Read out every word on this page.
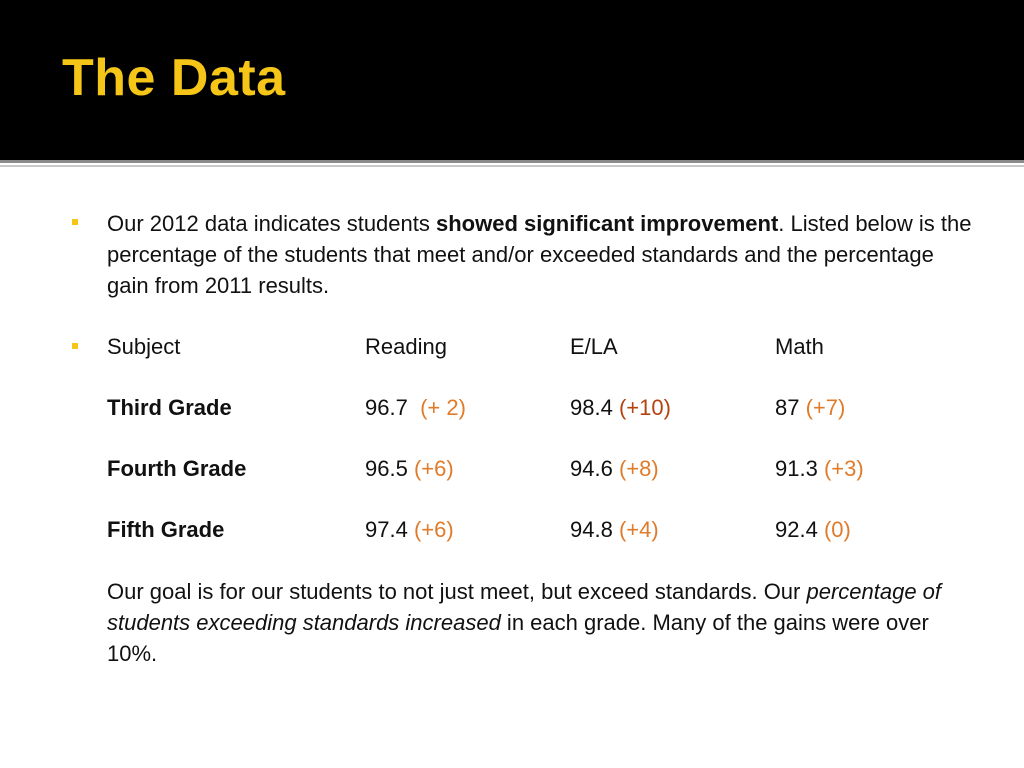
The Data
Our 2012 data indicates students showed significant improvement. Listed below is the percentage of the students that meet and/or exceeded standards and the percentage gain from 2011 results.
Subject	Reading	E/LA	Math
Third Grade	96.7 (+ 2)	98.4 (+10)	87 (+7)
Fourth Grade	96.5 (+6)	94.6 (+8)	91.3 (+3)
Fifth Grade	97.4 (+6)	94.8 (+4)	92.4 (0)
Our goal is for our students to not just meet, but exceed standards. Our percentage of students exceeding standards increased in each grade. Many of the gains were over 10%.
